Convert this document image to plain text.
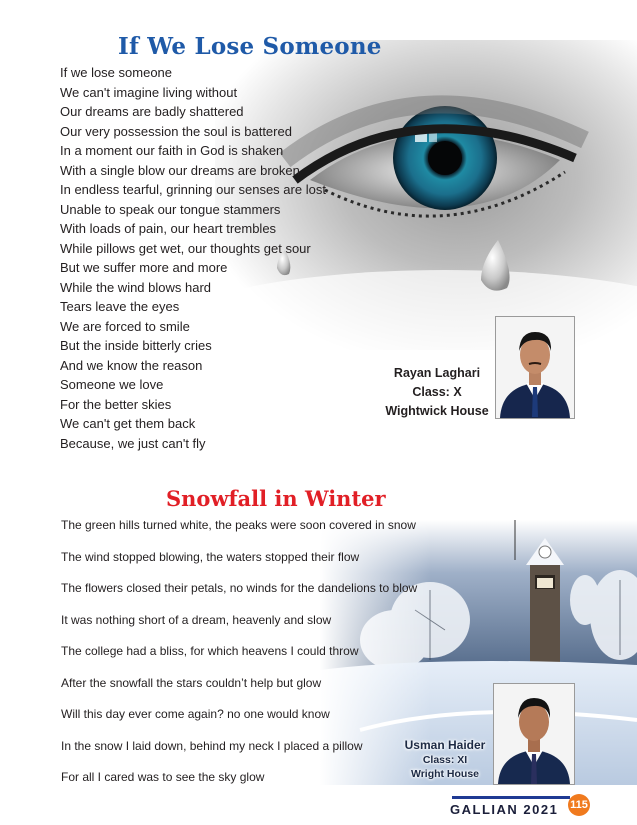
If We Lose Someone
If we lose someone
We can't imagine living without
Our dreams are badly shattered
Our very possession the soul is battered
In a moment our faith in God is shaken
With a single blow our dreams are broken
In endless tearful, grinning our senses are lost
Unable to speak our tongue stammers
With loads of pain, our heart trembles
While pillows get wet, our thoughts get sour
But we suffer more and more
While the wind blows hard
Tears leave the eyes
We are forced to smile
But the inside bitterly cries
And we know the reason
Someone we love
For the better skies
We can't get them back
Because, we just can't fly
Rayan Laghari
Class: X
Wightwick House
Snowfall in Winter
The green hills turned white, the peaks were soon covered in snow
The wind stopped blowing, the waters stopped their flow
The flowers closed their petals, no winds for the dandelions to blow
It was nothing short of a dream, heavenly and slow
The college had a bliss, for which heavens I could throw
After the snowfall the stars couldn’t help but glow
Will this day ever come again? no one would know
In the snow I laid down, behind my neck I placed a pillow
For all I cared was to see the sky glow
Usman Haider
Class: XI
Wright House
GALLIAN 2021 115
